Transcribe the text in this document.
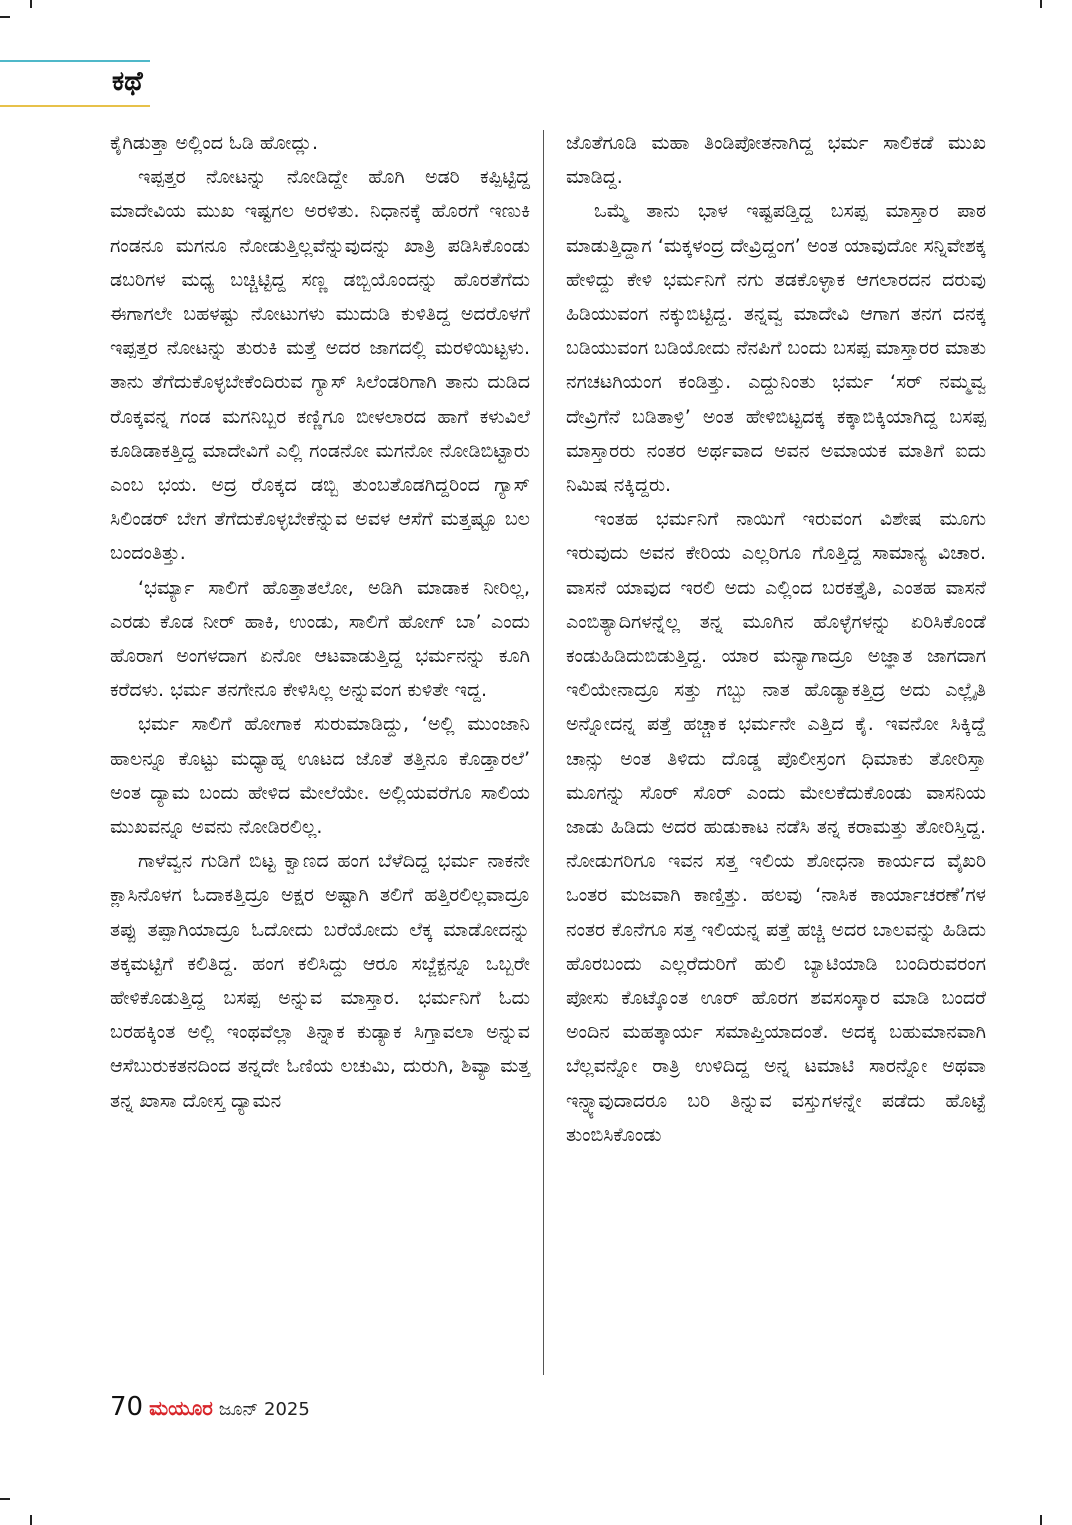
ಕಥೆ

ಕೈಗಿಡುತ್ತಾ ಅಲ್ಲಿಂದ ಓಡಿ ಹೋದ್ಲು.

ಇಪ್ಪತ್ತರ ನೋಟನ್ನು ನೋಡಿದ್ದೇ ಹೊಗಿ ಅಡರಿ ಕಪ್ಪಿಟ್ಟಿದ್ದ ಮಾದೇವಿಯ ಮುಖ ಇಷ್ಟಗಲ ಅರಳಿತು. ನಿಧಾನಕ್ಕೆ ಹೊರಗೆ ಇಣುಕಿ ಗಂಡನೂ ಮಗನೂ ನೋಡುತ್ತಿಲ್ಲವೆನ್ನುವುದನ್ನು ಖಾತ್ರಿ ಪಡಿಸಿಕೊಂಡು ಡಬರಿಗಳ ಮಧ್ಯ ಬಚ್ಚಿಟ್ಟಿದ್ದ ಸಣ್ಣ ಡಬ್ಬಿಯೊಂದನ್ನು ಹೊರತೆಗೆದು ಈಗಾಗಲೇ ಬಹಳಷ್ಟು ನೋಟುಗಳು ಮುದುಡಿ ಕುಳಿತಿದ್ದ ಅದರೊಳಗೆ ಇಪ್ಪತ್ತರ ನೋಟನ್ನು ತುರುಕಿ ಮತ್ತೆ ಅದರ ಜಾಗದಲ್ಲಿ ಮರಳಿಯಿಟ್ಟಳು. ತಾನು ತೆಗೆದುಕೊಳ್ಳಬೇಕೆಂದಿರುವ ಗ್ಯಾಸ್ ಸಿಲೆಂಡರಿಗಾಗಿ ತಾನು ದುಡಿದ ರೊಕ್ಕವನ್ನ ಗಂಡ ಮಗನಿಬ್ಬರ ಕಣ್ಣಿಗೂ ಬೀಳಲಾರದ ಹಾಗೆ ಕಳುವಿಲೆ ಕೂಡಿಡಾಕತ್ತಿದ್ದ ಮಾದೇವಿಗೆ ಎಲ್ಲಿ ಗಂಡನೋ ಮಗನೋ ನೋಡಿಬಿಟ್ಟಾರು ಎಂಬ ಭಯ. ಅದ್ರ ರೊಕ್ಕದ ಡಬ್ಬಿ ತುಂಬತೊಡಗಿದ್ದರಿಂದ ಗ್ಯಾಸ್ ಸಿಲಿಂಡರ್ ಬೇಗ ತೆಗೆದುಕೊಳ್ಳಬೇಕೆನ್ನುವ ಅವಳ ಆಸೆಗೆ ಮತ್ತಷ್ಟೂ ಬಲ ಬಂದಂತಿತ್ತು.

‘ಭರ್ಮ್ಯಾ ಸಾಲಿಗೆ ಹೊತ್ತಾತಲೋ, ಅಡಿಗಿ ಮಾಡಾಕ ನೀರಿಲ್ಲ, ಎರಡು ಕೊಡ ನೀರ್ ಹಾಕಿ, ಉಂಡು, ಸಾಲಿಗೆ ಹೋಗ್ ಬಾ’ ಎಂದು ಹೊರಾಗ ಅಂಗಳದಾಗ ಏನೋ ಆಟವಾಡುತ್ತಿದ್ದ ಭರ್ಮನನ್ನು ಕೂಗಿ ಕರೆದಳು. ಭರ್ಮ ತನಗೇನೂ ಕೇಳಿಸಿಲ್ಲ ಅನ್ನುವಂಗ ಕುಳಿತೇ ಇದ್ದ.

ಭರ್ಮ ಸಾಲಿಗೆ ಹೋಗಾಕ ಸುರುಮಾಡಿದ್ದು, ‘ಅಲ್ಲಿ ಮುಂಜಾನಿ ಹಾಲನ್ನೂ ಕೊಟ್ಟು ಮಧ್ಯಾಹ್ನ ಊಟದ ಜೊತೆ ತತ್ತಿನೂ ಕೊಡ್ತಾರಲೆ’ ಅಂತ ದ್ಯಾಮ ಬಂದು ಹೇಳಿದ ಮೇಲೆಯೇ. ಅಲ್ಲಿಯವರೆಗೂ ಸಾಲಿಯ ಮುಖವನ್ನೂ ಅವನು ನೋಡಿರಲಿಲ್ಲ.

ಗಾಳೆವ್ವನ ಗುಡಿಗೆ ಬಿಟ್ಟ ಕ್ವಾಣದ ಹಂಗ ಬೆಳೆದಿದ್ದ ಭರ್ಮ ನಾಕನೇ ಕ್ಲಾಸಿನೊಳಗ ಓದಾಕತ್ತಿದ್ರೂ ಅಕ್ಷರ ಅಷ್ಟಾಗಿ ತಲಿಗೆ ಹತ್ತಿರಲಿಲ್ಲವಾದ್ರೂ ತಪ್ಪು ತಪ್ಪಾಗಿಯಾದ್ರೂ ಓದೋದು ಬರೆಯೋದು ಲೆಕ್ಕ ಮಾಡೋದನ್ನು ತಕ್ಕಮಟ್ಟಿಗೆ ಕಲಿತಿದ್ದ. ಹಂಗ ಕಲಿಸಿದ್ದು ಆರೂ ಸಬ್ಜೆಕ್ಟನ್ನೂ ಒಬ್ಬರೇ ಹೇಳಿಕೊಡುತ್ತಿದ್ದ ಬಸಪ್ಪ ಅನ್ನುವ ಮಾಸ್ತಾರ. ಭರ್ಮನಿಗೆ ಓದು ಬರಹಕ್ಕಿಂತ ಅಲ್ಲಿ ಇಂಥವೆಲ್ಲಾ ತಿನ್ನಾಕ ಕುಡ್ಯಾಕ ಸಿಗ್ತಾವಲಾ ಅನ್ನುವ ಆಸೆಬುರುಕತನದಿಂದ ತನ್ನದೇ ಓಣಿಯ ಲಚುಮಿ, ದುರುಗಿ, ಶಿವ್ಯಾ ಮತ್ತ ತನ್ನ ಖಾಸಾ ದೋಸ್ತ ದ್ಯಾಮನ

ಜೊತೆಗೂಡಿ ಮಹಾ ತಿಂಡಿಪೋತನಾಗಿದ್ದ ಭರ್ಮ ಸಾಲಿಕಡೆ ಮುಖ ಮಾಡಿದ್ದ.

ಒಮ್ಮೆ ತಾನು ಭಾಳ ಇಷ್ಟಪಡ್ತಿದ್ದ ಬಸಪ್ಪ ಮಾಸ್ತಾರ ಪಾಠ ಮಾಡುತ್ತಿದ್ದಾಗ ‘ಮಕ್ಕಳಂದ್ರ ದೇವ್ರಿದ್ದಂಗ’ ಅಂತ ಯಾವುದೋ ಸನ್ನಿವೇಶಕ್ಕ ಹೇಳಿದ್ದು ಕೇಳಿ ಭರ್ಮನಿಗೆ ನಗು ತಡಕೊಳ್ಳಾಕ ಆಗಲಾರದನ ದರುವು ಹಿಡಿಯುವಂಗ ನಕ್ಕುಬಿಟ್ಟಿದ್ದ. ತನ್ನವ್ವ ಮಾದೇವಿ ಆಗಾಗ ತನಗ ದನಕ್ಕ ಬಡಿಯುವಂಗ ಬಡಿಯೋದು ನೆನಪಿಗೆ ಬಂದು ಬಸಪ್ಪ ಮಾಸ್ತಾರರ ಮಾತು ನಗಚಟಗಿಯಂಗ ಕಂಡಿತ್ತು. ಎದ್ದುನಿಂತು ಭರ್ಮ ‘ಸರ್ ನಮ್ಮವ್ವ ದೇವ್ರಿಗೆನೆ ಬಡಿತಾಳ್ರಿ’ ಅಂತ ಹೇಳಿಬಿಟ್ಟದಕ್ಕ ಕಕ್ಕಾಬಿಕ್ಕಿಯಾಗಿದ್ದ ಬಸಪ್ಪ ಮಾಸ್ತಾರರು ನಂತರ ಅರ್ಥವಾದ ಅವನ ಅಮಾಯಕ ಮಾತಿಗೆ ಐದು ನಿಮಿಷ ನಕ್ಕಿದ್ದರು.

ಇಂತಹ ಭರ್ಮನಿಗೆ ನಾಯಿಗೆ ಇರುವಂಗ ವಿಶೇಷ ಮೂಗು ಇರುವುದು ಅವನ ಕೇರಿಯ ಎಲ್ಲರಿಗೂ ಗೊತ್ತಿದ್ದ ಸಾಮಾನ್ಯ ವಿಚಾರ. ವಾಸನೆ ಯಾವುದ ಇರಲಿ ಅದು ಎಲ್ಲಿಂದ ಬರಕತ್ತೈತಿ, ಎಂತಹ ವಾಸನೆ ಎಂಬಿತ್ಯಾದಿಗಳನ್ನೆಲ್ಲ ತನ್ನ ಮೂಗಿನ ಹೊಳ್ಳೆಗಳನ್ನು ಏರಿಸಿಕೊಂಡೆ ಕಂಡುಹಿಡಿದುಬಿಡುತ್ತಿದ್ದ. ಯಾರ ಮನ್ಯಾಗಾದ್ರೂ ಅಜ್ಞಾತ ಜಾಗದಾಗ ಇಲಿಯೇನಾದ್ರೂ ಸತ್ತು ಗಬ್ಬು ನಾತ ಹೊಡ್ಯಾಕತ್ತಿದ್ರ ಅದು ಎಲ್ಲೈತಿ ಅನ್ನೋದನ್ನ ಪತ್ತೆ ಹಚ್ಚಾಕ ಭರ್ಮನೇ ಎತ್ತಿದ ಕೈ. ಇವನೋ ಸಿಕ್ಕಿದ್ದೆ ಚಾನ್ಸು ಅಂತ ತಿಳಿದು ದೊಡ್ಡ ಪೊಲೀಸ್ರಂಗ ಧಿಮಾಕು ತೋರಿಸ್ತಾ ಮೂಗನ್ನು ಸೊರ್ ಸೊರ್ ಎಂದು ಮೇಲಕೆದುಕೊಂಡು ವಾಸನಿಯ ಜಾಡು ಹಿಡಿದು ಅದರ ಹುಡುಕಾಟ ನಡೆಸಿ ತನ್ನ ಕರಾಮತ್ತು ತೋರಿಸ್ತಿದ್ದ. ನೋಡುಗರಿಗೂ ಇವನ ಸತ್ತ ಇಲಿಯ ಶೋಧನಾ ಕಾರ್ಯದ ವೈಖರಿ ಒಂತರ ಮಜವಾಗಿ ಕಾಣ್ತಿತ್ತು. ಹಲವು ‘ನಾಸಿಕ ಕಾರ್ಯಾಚರಣೆ’ಗಳ ನಂತರ ಕೊನೆಗೂ ಸತ್ತ ಇಲಿಯನ್ನ ಪತ್ತೆ ಹಚ್ಚಿ ಅದರ ಬಾಲವನ್ನು ಹಿಡಿದು ಹೊರಬಂದು ಎಲ್ಲರೆದುರಿಗೆ ಹುಲಿ ಬ್ಯಾಟಿಯಾಡಿ ಬಂದಿರುವರಂಗ ಪೋಸು ಕೊಟ್ಕೊಂತ ಊರ್ ಹೊರಗ ಶವಸಂಸ್ಕಾರ ಮಾಡಿ ಬಂದರೆ ಅಂದಿನ ಮಹತ್ಕಾರ್ಯ ಸಮಾಪ್ತಿಯಾದಂತೆ. ಅದಕ್ಕ ಬಹುಮಾನವಾಗಿ ಬೆಲ್ಲವನ್ನೋ ರಾತ್ರಿ ಉಳಿದಿದ್ದ ಅನ್ನ ಟಮಾಟಿ ಸಾರನ್ನೋ ಅಥವಾ ಇನ್ನ್ಯಾವುದಾದರೂ ಬರಿ ತಿನ್ನುವ ವಸ್ತುಗಳನ್ನೇ ಪಡೆದು ಹೊಟ್ಟೆ ತುಂಬಿಸಿಕೊಂಡು

70 ಮಯೂರ ಜೂನ್ 2025
